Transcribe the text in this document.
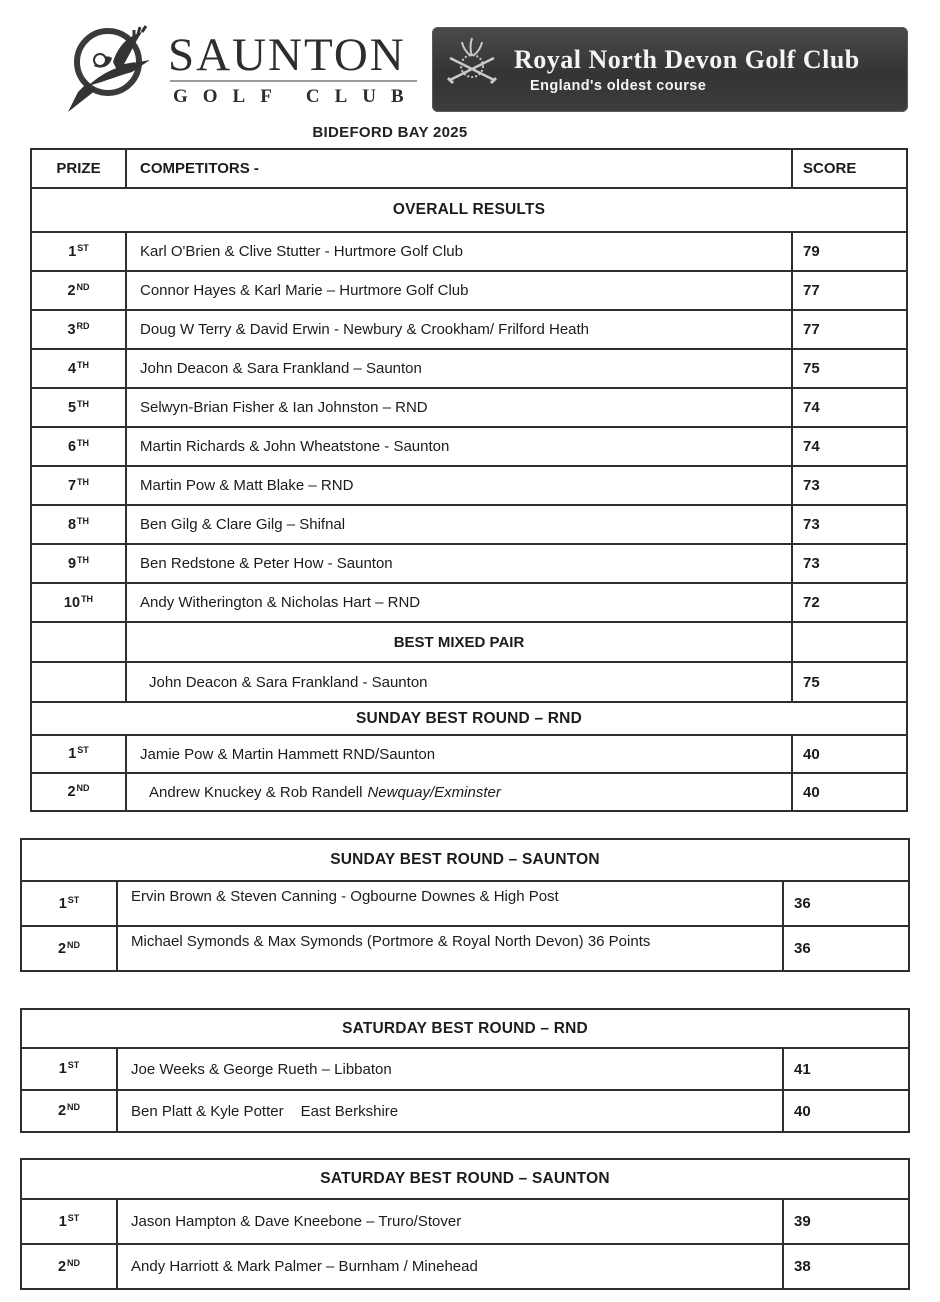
SAUNTON
GOLF CLUB
Royal North Devon Golf Club
England's oldest course
BIDEFORD BAY 2025
PRIZE	COMPETITORS -	SCORE
OVERALL RESULTS
1 ST	Karl O'Brien & Clive Stutter - Hurtmore Golf Club	79
2 ND	Connor Hayes & Karl Marie – Hurtmore Golf Club	77
3 RD	Doug W Terry & David Erwin - Newbury & Crookham/ Frilford Heath	77
4 TH	John Deacon & Sara Frankland – Saunton	75
5 TH	Selwyn-Brian Fisher & Ian Johnston – RND	74
6 TH	Martin Richards & John Wheatstone - Saunton	74
7 TH	Martin Pow & Matt Blake – RND	73
8 TH	Ben Gilg & Clare Gilg – Shifnal	73
9 TH	Ben Redstone & Peter How - Saunton	73
10 TH	Andy Witherington & Nicholas Hart – RND	72
BEST MIXED PAIR
John Deacon & Sara Frankland - Saunton	75
SUNDAY BEST ROUND – RND
1 ST	Jamie Pow & Martin Hammett RND/Saunton	40
2 ND	Andrew Knuckey & Rob Randell Newquay/Exminster	40
SUNDAY BEST ROUND – SAUNTON
1 ST	Ervin Brown & Steven Canning - Ogbourne Downes & High Post	36
2 ND	Michael Symonds & Max Symonds (Portmore & Royal North Devon) 36 Points	36
SATURDAY BEST ROUND – RND
1 ST	Joe Weeks & George Rueth – Libbaton	41
2 ND	Ben Platt & Kyle Potter East Berkshire	40
SATURDAY BEST ROUND – SAUNTON
1 ST	Jason Hampton & Dave Kneebone – Truro/Stover	39
2 ND	Andy Harriott & Mark Palmer – Burnham / Minehead	38
